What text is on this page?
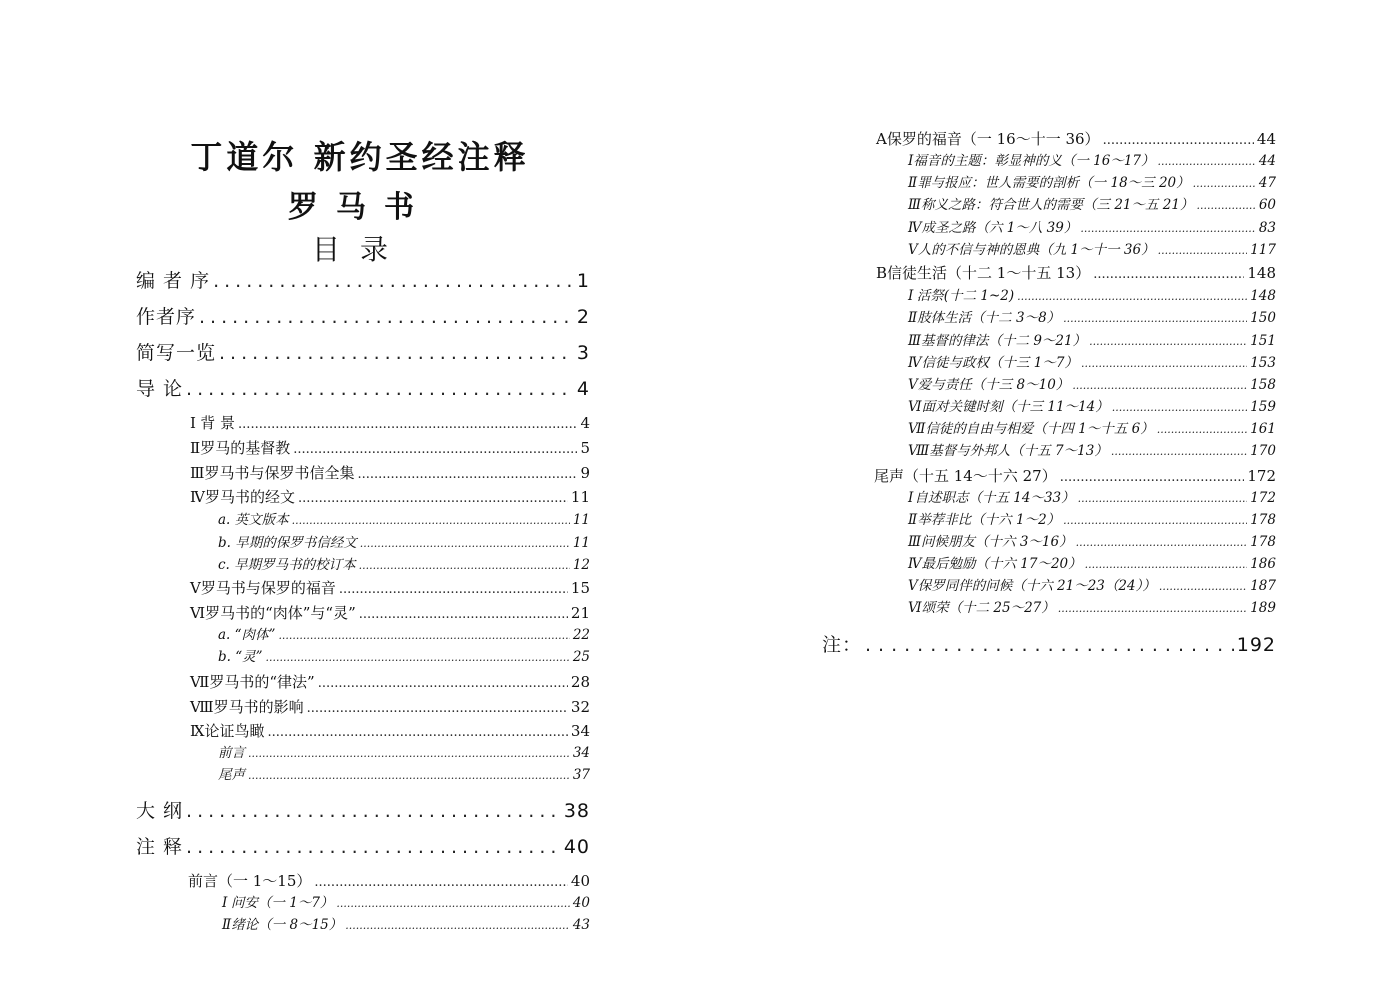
丁道尔 新约圣经注释
罗马书
目录
编 者 序 .....	1
作者序 .....	2
简写一览 .....	3
导 论 .....	4
Ⅰ 背 景 .....	4
Ⅱ 罗马的基督教 .....	5
Ⅲ 罗马书与保罗书信全集 .....	9
Ⅳ 罗马书的经文 .....	11
a. 英文版本 .....	11
b. 早期的保罗书信经文 .....	11
c. 早期罗马书的校订本 .....	12
Ⅴ 罗马书与保罗的福音 .....	15
Ⅵ 罗马书的“肉体”与“灵” .....	21
a. “肉体” .....	22
b. “灵” .....	25
Ⅶ 罗马书的“律法” .....	28
Ⅷ 罗马书的影响 .....	32
Ⅸ 论证鸟瞰 .....	34
前言 .....	34
尾声 .....	37
大 纲 .....	38
注 释 .....	40
前言（一 1～15） .....	40
Ⅰ 问安（一 1～7） .....	40
Ⅱ 绪论（一 8～15） .....	43
A 保罗的福音（一 16～十一 36） .....	44
Ⅰ 福音的主题：彰显神的义（一 16～17） .....	44
Ⅱ 罪与报应：世人需要的剖析（一 18～三 20） .....	47
Ⅲ 称义之路：符合世人的需要（三 21～五 21） .....	60
Ⅳ 成圣之路（六 1～八 39） .....	83
Ⅴ 人的不信与神的恩典（九 1～十一 36） .....	117
B 信徒生活（十二 1～十五 13） .....	148
Ⅰ 活祭(十二 1~2) .....	148
Ⅱ 肢体生活（十二 3～8） .....	150
Ⅲ 基督的律法（十二 9～21） .....	151
Ⅳ 信徒与政权（十三 1～7） .....	153
Ⅴ 爱与责任（十三 8～10） .....	158
Ⅵ 面对关键时刻（十三 11～14） .....	159
Ⅶ 信徒的自由与相爱（十四 1～十五 6） .....	161
Ⅷ 基督与外邦人（十五 7～13） .....	170
尾声（十五 14～十六 27） .....	172
Ⅰ 自述职志（十五 14～33） .....	172
Ⅱ 举荐非比（十六 1～2） .....	178
Ⅲ 问候朋友（十六 3～16） .....	178
Ⅳ 最后勉励（十六 17～20） .....	186
Ⅴ 保罗同伴的问候（十六 21～23（24）） .....	187
Ⅵ 颂荣（十二 25～27） .....	189
注： .....	192
